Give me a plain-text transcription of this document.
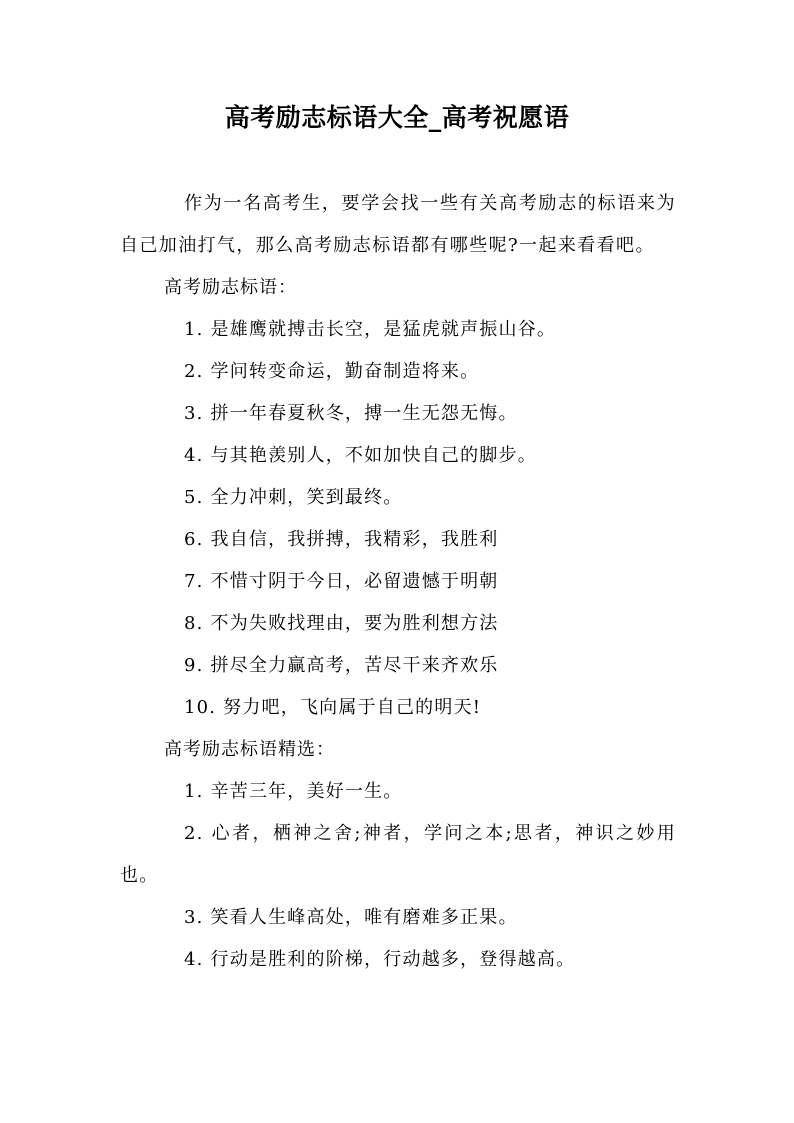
高考励志标语大全_高考祝愿语

作为一名高考生，要学会找一些有关高考励志的标语来为自己加油打气，那么高考励志标语都有哪些呢?一起来看看吧。

高考励志标语：

1. 是雄鹰就搏击长空，是猛虎就声振山谷。

2. 学问转变命运，勤奋制造将来。

3. 拼一年春夏秋冬，搏一生无怨无悔。

4. 与其艳羡别人，不如加快自己的脚步。

5. 全力冲刺，笑到最终。

6. 我自信，我拼搏，我精彩，我胜利

7. 不惜寸阴于今日，必留遗憾于明朝

8. 不为失败找理由，要为胜利想方法

9. 拼尽全力赢高考，苦尽干来齐欢乐

10. 努力吧，飞向属于自己的明天!

高考励志标语精选：

1. 辛苦三年，美好一生。

2. 心者，栖神之舍;神者，学问之本;思者，神识之妙用也。

3. 笑看人生峰高处，唯有磨难多正果。

4. 行动是胜利的阶梯，行动越多，登得越高。
